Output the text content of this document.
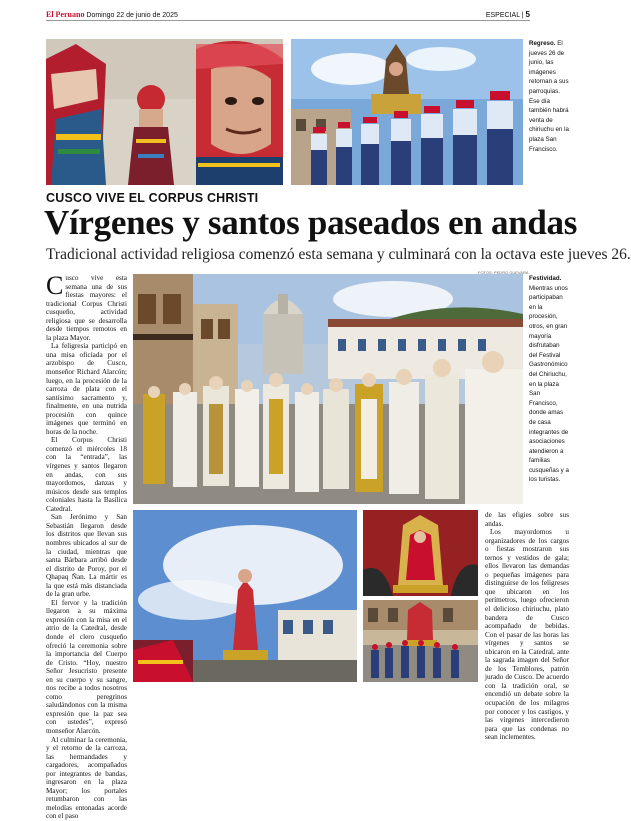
El Peruano Domingo 22 de junio de 2025	ESPECIAL | 5
Regreso. El jueves 26 de junio, las imágenes retornan a sus parroquias. Ese día también habrá venta de chiriuchu en la plaza San Francisco.
CUSCO VIVE EL CORPUS CHRISTI
Vírgenes y santos paseados en andas
Tradicional actividad religiosa comenzó esta semana y culminará con la octava este jueves 26.
C usco vive esta semana una de sus fiestas mayores: el tradicional Corpus Christi cusqueño, actividad religiosa que se desarrolla desde tiempos remotos en la plaza Mayor.

La feligresía participó en una misa oficiada por el arzobispo de Cusco, monseñor Richard Alarcón; luego, en la procesión de la carroza de plata con el santísimo sacramento y, finalmente, en una nutrida procesión con quince imágenes que terminó en horas de la noche.

El Corpus Christi comenzó el miércoles 18 con la “entrada”, las vírgenes y santos llegaron en andas, con sus mayordomos, danzas y músicos desde sus templos coloniales hasta la Basílica Catedral.

San Jerónimo y San Sebastián llegaron desde los distritos que llevan sus nombres ubicados al sur de la ciudad, mientras que santa Bárbara arribó desde el distrito de Poroy, por el Qhapaq Ñan. La mártir es la que está más distanciada de la gran urbe.

El fervor y la tradición llegaron a su máxima expresión con la misa en el atrio de la Catedral, desde donde el clero cusqueño ofreció la ceremonia sobre la importancia del Cuerpo de Cristo. “Hoy, nuestro Señor Jesucristo presente en su cuerpo y su sangre, nos recibe a todos nosotros como peregrinos saludándonos con la misma expresión que la paz sea con ustedes”, expresó monseñor Alarcón.

Al culminar la ceremonia, y el retorno de la carroza, las hermandades y cargadores, acompañados por integrantes de bandas, ingresaron en la plaza Mayor; los portales retumbaron con las melodías entonadas acorde con el paso

FOTOS: PEDRO GUEVARA
Festividad. Mientras unos participaban en la procesión, otros, en gran mayoría disfrutaban del Festival Gastronómico del Chiriuchu, en la plaza San Francisco, donde amas de casa integrantes de asociaciones atendieron a familias cusqueñas y a los turistas.

de las efigies sobre sus andas.

Los mayordomos u organizadores de los cargos o fiestas mostraron sus ternos y vestidos de gala; ellos llevaron las demandas o pequeñas imágenes para distinguirse de los feligreses que ubicaron en los perímetros, luego ofrecieron el delicioso chiriuchu, plato bandera de Cusco acompañado de bebidas. Con el pasar de las horas las vírgenes y santos se ubicaron en la Catedral, ante la sagrada imagen del Señor de los Temblores, patrón jurado de Cusco. De acuerdo con la tradición oral, se encendió un debate sobre la ocupación de los milagros por conocer y los castigos, y las vírgenes intercedieron para que las condenas no sean inclementes.
